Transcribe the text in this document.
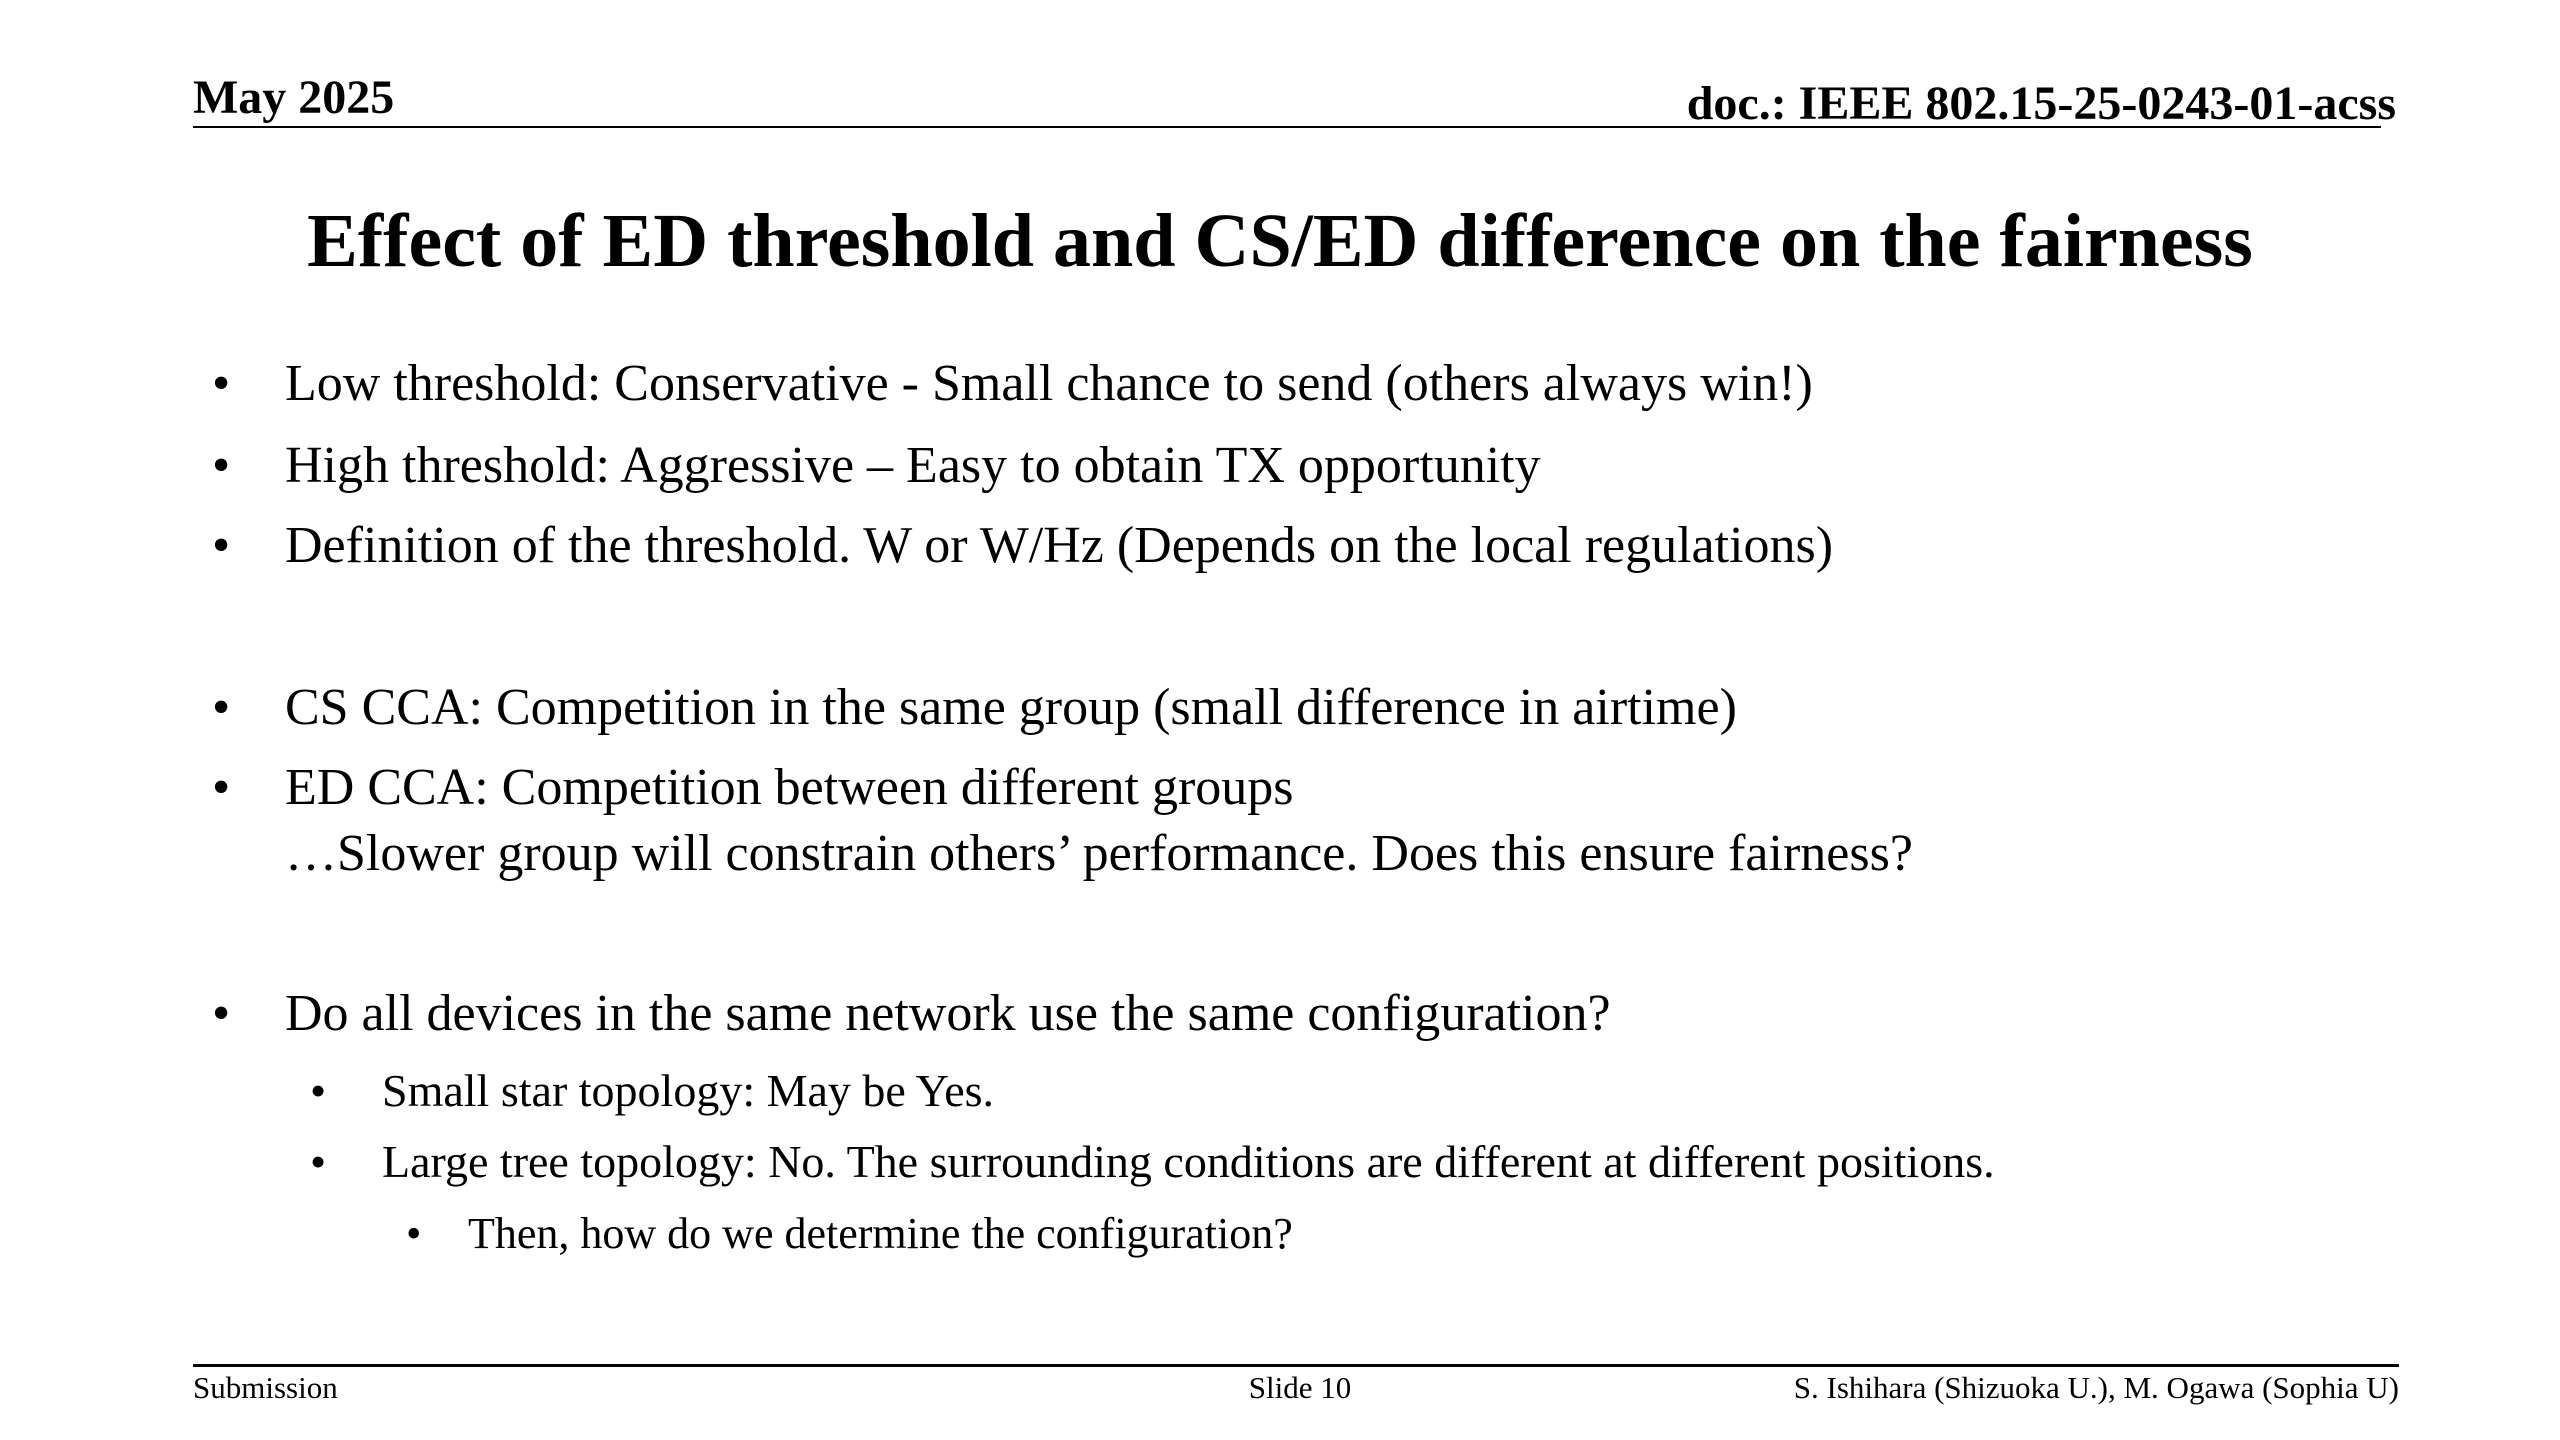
May 2025	doc.: IEEE 802.15-25-0243-01-acss
Effect of ED threshold and CS/ED difference on the fairness
• Low threshold: Conservative - Small chance to send (others always win!)
• High threshold: Aggressive – Easy to obtain TX opportunity
• Definition of the threshold. W or W/Hz (Depends on the local regulations)
• CS CCA: Competition in the same group (small difference in airtime)
• ED CCA: Competition between different groups
…Slower group will constrain others’ performance. Does this ensure fairness?
• Do all devices in the same network use the same configuration?
• Small star topology: May be Yes.
• Large tree topology: No. The surrounding conditions are different at different positions.
• Then, how do we determine the configuration?
Submission	Slide 10	S. Ishihara (Shizuoka U.), M. Ogawa (Sophia U)
